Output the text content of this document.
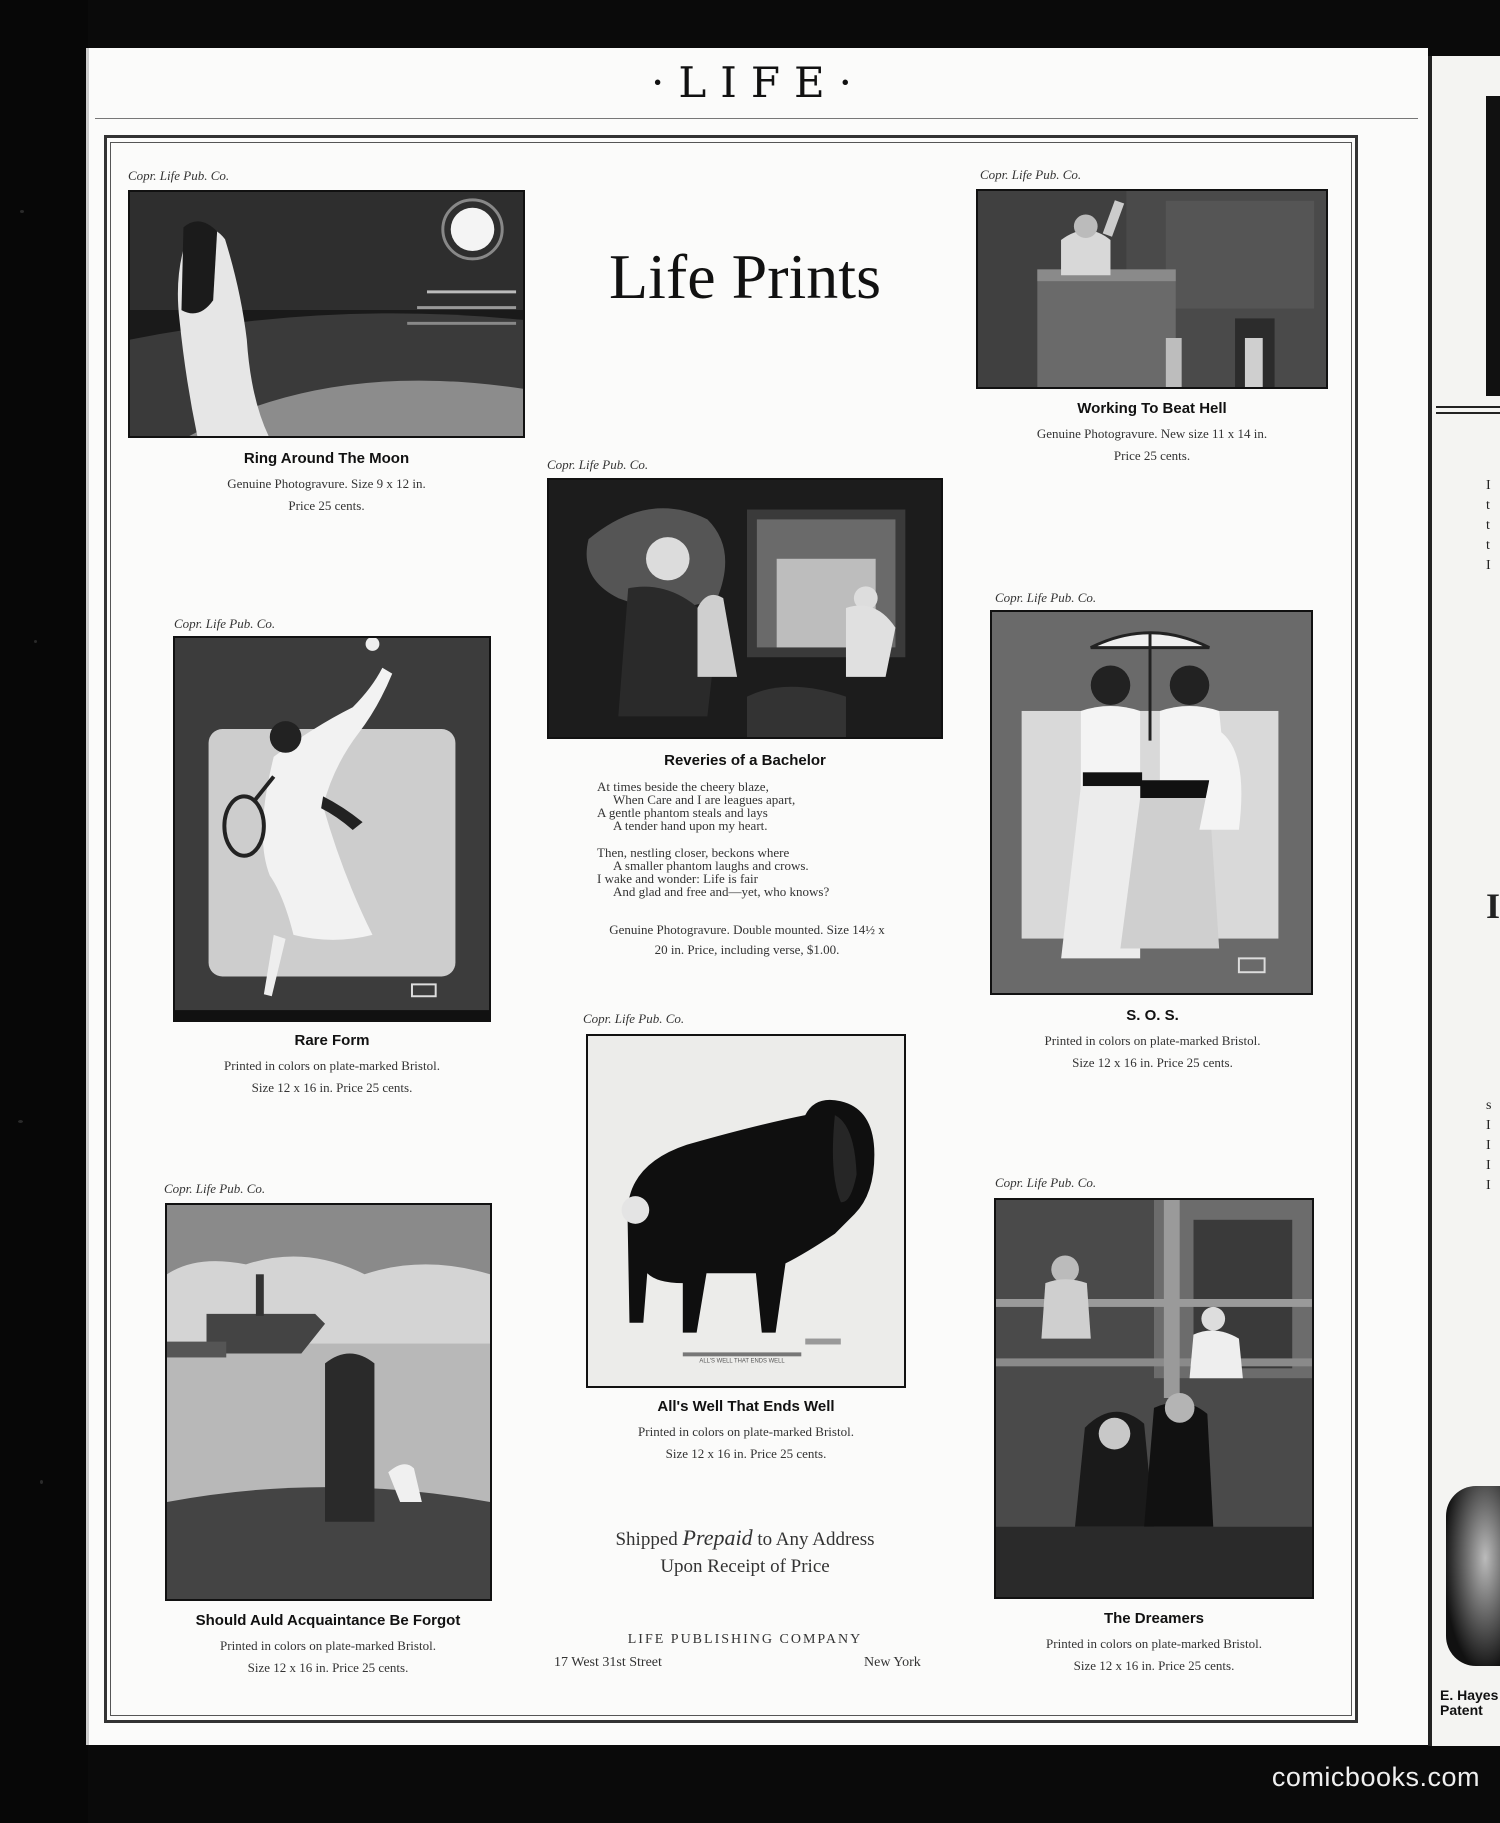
I
t
t
t
I
I
s
I
I
I
I
E. Hayes
Patent
·LIFE·
Life Prints
Copr. Life Pub. Co.
Ring Around The Moon
Genuine Photogravure. Size 9 x 12 in.
Price 25 cents.
Copr. Life Pub. Co.
Working To Beat Hell
Genuine Photogravure. New size 11 x 14 in.
Price 25 cents.
Copr. Life Pub. Co.
Reveries of a Bachelor
At times beside the cheery blaze,
When Care and I are leagues apart,
A gentle phantom steals and lays
A tender hand upon my heart.
Then, nestling closer, beckons where
A smaller phantom laughs and crows.
I wake and wonder: Life is fair
And glad and free and—yet, who knows?
Genuine Photogravure. Double mounted. Size 14½ x
20 in. Price, including verse, $1.00.
Copr. Life Pub. Co.
Rare Form
Printed in colors on plate-marked Bristol.
Size 12 x 16 in. Price 25 cents.
Copr. Life Pub. Co.
S. O. S.
Printed in colors on plate-marked Bristol.
Size 12 x 16 in. Price 25 cents.
Copr. Life Pub. Co.
ALL'S WELL THAT ENDS WELL
All's Well That Ends Well
Printed in colors on plate-marked Bristol.
Size 12 x 16 in. Price 25 cents.
Copr. Life Pub. Co.
Should Auld Acquaintance Be Forgot
Printed in colors on plate-marked Bristol.
Size 12 x 16 in. Price 25 cents.
Copr. Life Pub. Co.
The Dreamers
Printed in colors on plate-marked Bristol.
Size 12 x 16 in. Price 25 cents.
Shipped Prepaid to Any Address
Upon Receipt of Price
LIFE PUBLISHING COMPANY
17 West 31st Street	New York
comicbooks.com
